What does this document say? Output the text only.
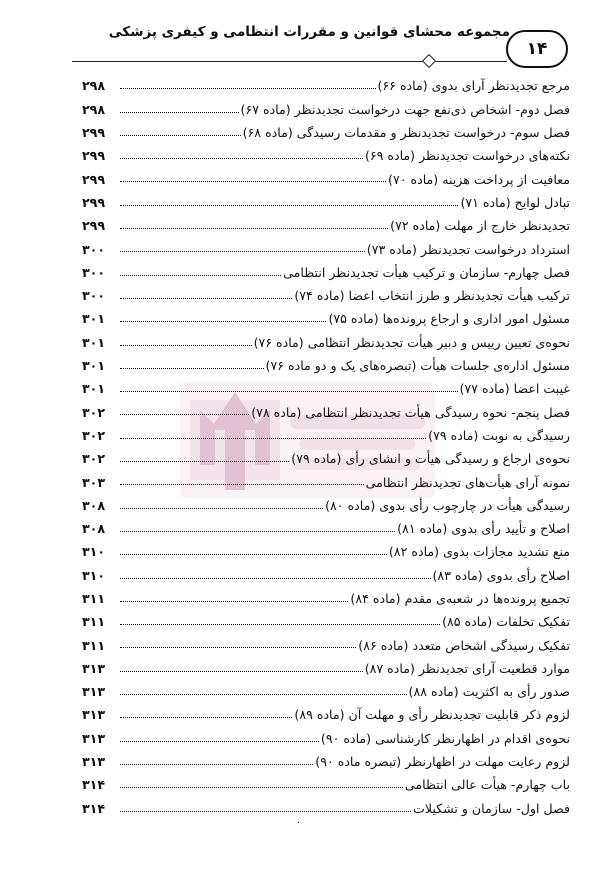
مجموعه محشای قوانین و مقررات انتظامی و کیفری پزشکی
۱۴
مرجع تجدیدنظر آرای بدوی (ماده ۶۶)
۲۹۸
فصل دوم- اشخاص ذی‌نفع جهت درخواست تجدیدنظر (ماده ۶۷)
۲۹۸
فصل سوم- درخواست تجدیدنظر و مقدمات رسیدگی (ماده ۶۸)
۲۹۹
نکته‌های درخواست تجدیدنظر (ماده ۶۹)
۲۹۹
معافیت از پرداخت هزینه (ماده ۷۰)
۲۹۹
تبادل لوایح (ماده ۷۱)
۲۹۹
تجدیدنظر خارج از مهلت (ماده ۷۲)
۲۹۹
استرداد درخواست تجدیدنظر (ماده ۷۳)
۳۰۰
فصل چهارم- سازمان و ترکیب هیأت تجدیدنظر انتظامی
۳۰۰
ترکیب هیأت تجدیدنظر و طرز انتخاب اعضا (ماده ۷۴)
۳۰۰
مسئول امور اداری و ارجاع پرونده‌ها (ماده ۷۵)
۳۰۱
نحوه‌ی تعیین رییس و دبیر هیأت تجدیدنظر انتظامی (ماده ۷۶)
۳۰۱
مسئول اداره‌ی جلسات هیأت (تبصره‌های یک و دو ماده ۷۶)
۳۰۱
غیبت اعضا (ماده ۷۷)
۳۰۱
فصل پنجم- نحوه رسیدگی هیأت تجدیدنظر انتظامی (ماده ۷۸)
۳۰۲
رسیدگی به نوبت (ماده ۷۹)
۳۰۲
نحوه‌ی ارجاع و رسیدگی هیأت و انشای رأی (ماده ۷۹)
۳۰۲
نمونه آرای هیأت‌های تجدیدنظر انتظامی
۳۰۳
رسیدگی هیأت در چارچوب رأی بدوی (ماده ۸۰)
۳۰۸
اصلاح و تأیید رأی بدوی (ماده ۸۱)
۳۰۸
منع تشدید مجازات بدوی (ماده ۸۲)
۳۱۰
اصلاح رأی بدوی (ماده ۸۳)
۳۱۰
تجمیع پرونده‌ها در شعبه‌ی مقدم (ماده ۸۴)
۳۱۱
تفکیک تخلفات (ماده ۸۵)
۳۱۱
تفکیک رسیدگی اشخاص متعدد (ماده ۸۶)
۳۱۱
موارد قطعیت آرای تجدیدنظر (ماده ۸۷)
۳۱۳
صدور رأی به اکثریت (ماده ۸۸)
۳۱۳
لزوم ذکر قابلیت تجدیدنظر رأی و مهلت آن (ماده ۸۹)
۳۱۳
نحوه‌ی اقدام در اظهارنظر کارشناسی (ماده ۹۰)
۳۱۳
لزوم رعایت مهلت در اظهارنظر (تبصره ماده ۹۰)
۳۱۳
باب چهارم- هیأت عالی انتظامی
۳۱۴
فصل اول- سازمان و تشکیلات
۳۱۴
·
